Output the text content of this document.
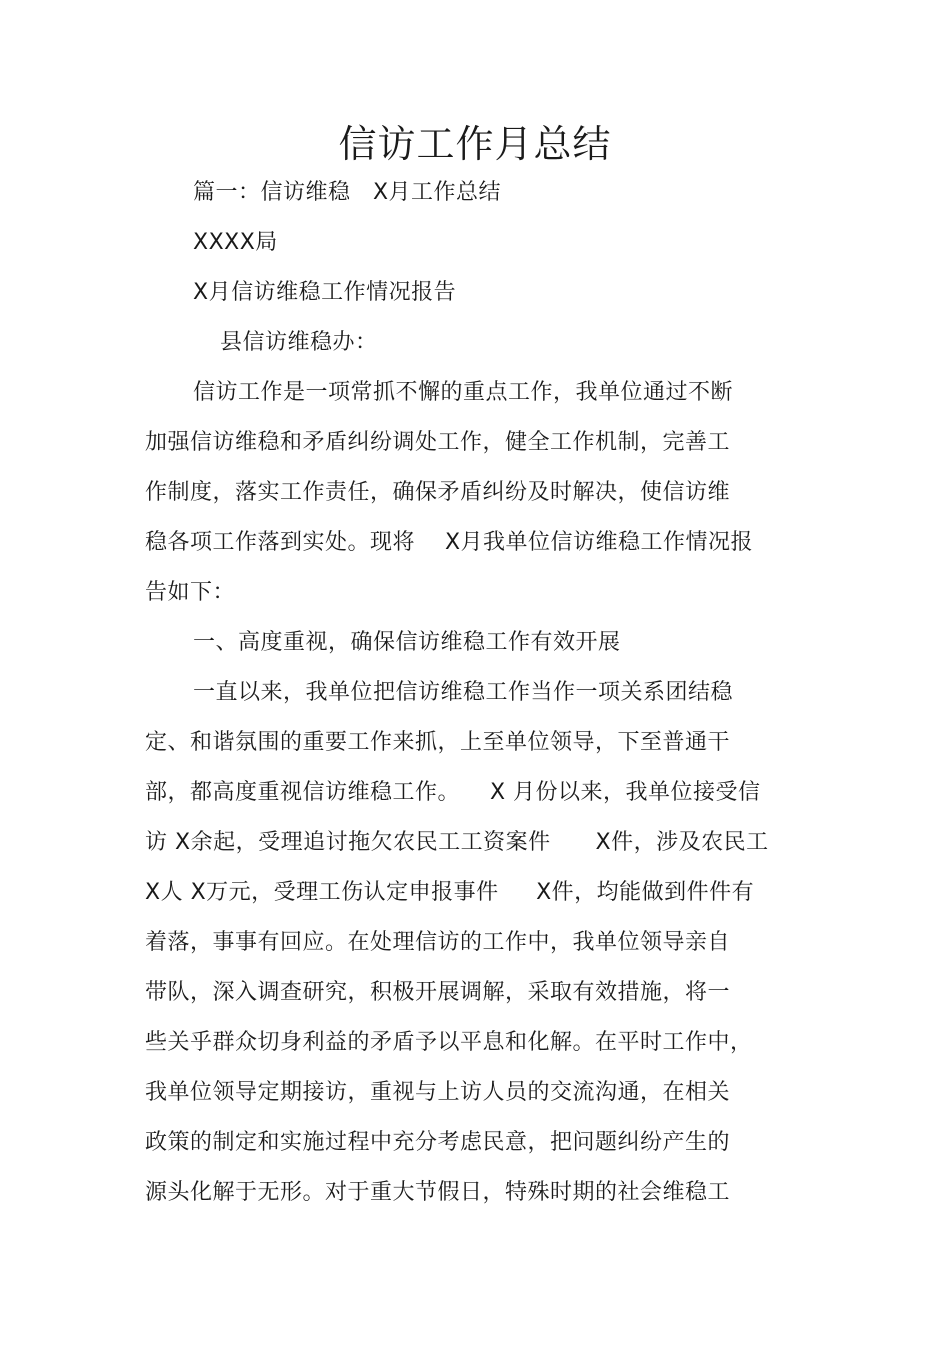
信访工作月总结
篇一：信访维稳   X月工作总结
XXXX局
X月信访维稳工作情况报告
县信访维稳办：
信访工作是一项常抓不懈的重点工作，我单位通过不断
加强信访维稳和矛盾纠纷调处工作，健全工作机制，完善工
作制度，落实工作责任，确保矛盾纠纷及时解决，使信访维
稳各项工作落到实处。现将    X月我单位信访维稳工作情况报
告如下：
一、高度重视，确保信访维稳工作有效开展
一直以来，我单位把信访维稳工作当作一项关系团结稳
定、和谐氛围的重要工作来抓，上至单位领导，下至普通干
部，都高度重视信访维稳工作。    X 月份以来，我单位接受信
访 X余起，受理追讨拖欠农民工工资案件      X件，涉及农民工
X人 X万元，受理工伤认定申报事件     X件，均能做到件件有
着落，事事有回应。在处理信访的工作中，我单位领导亲自
带队，深入调查研究，积极开展调解，采取有效措施，将一
些关乎群众切身利益的矛盾予以平息和化解。在平时工作中，
我单位领导定期接访，重视与上访人员的交流沟通，在相关
政策的制定和实施过程中充分考虑民意，把问题纠纷产生的
源头化解于无形。对于重大节假日，特殊时期的社会维稳工
